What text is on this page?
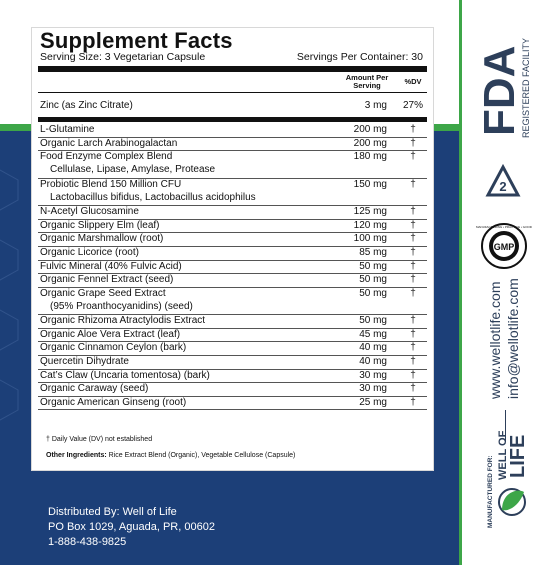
Distributed By: Well of Life
PO Box 1029, Aguada, PR, 00602
1-888-438-9825
Supplement Facts
Serving Size: 3 Vegetarian Capsule	Servings Per Container: 30
Amount Per
Serving	%DV
Zinc (as Zinc Citrate)	3 mg 27%
L-Glutamine	200 mg	†
Organic Larch Arabinogalactan	200 mg	†
Food Enzyme Complex Blend	180 mg	†
Cellulase, Lipase, Amylase, Protease
Probiotic Blend 150 Million CFU	150 mg	†
Lactobacillus bifidus, Lactobacillus acidophilus
N-Acetyl Glucosamine	125 mg	†
Organic Slippery Elm (leaf)	120 mg	†
Organic Marshmallow (root)	100 mg	†
Organic Licorice (root)	85 mg	†
Fulvic Mineral (40% Fulvic Acid)	50 mg	†
Organic Fennel Extract (seed)	50 mg	†
Organic Grape Seed Extract	50 mg	†
(95% Proanthocyanidins) (seed)
Organic Rhizoma Atractylodis Extract	50 mg	†
Organic Aloe Vera Extract (leaf)	45 mg	†
Organic Cinnamon Ceylon (bark)	40 mg	†
Quercetin Dihydrate	40 mg	†
Cat’s Claw (Uncaria tomentosa) (bark)	30 mg	†
Organic Caraway (seed)	30 mg	†
Organic American Ginseng (root)	25 mg	†
† Daily Value (DV) not established
Other Ingredients: Rice Extract Blend (Organic), Vegetable Cellulose (Capsule)
FDA
REGISTERED FACILITY
2
GMP
MANUFACTURING • PRACTICE • GOOD
www.wellotlife.com info@wellotlife.com
MANUFACTURED FOR:
WELL OF
LIFE
